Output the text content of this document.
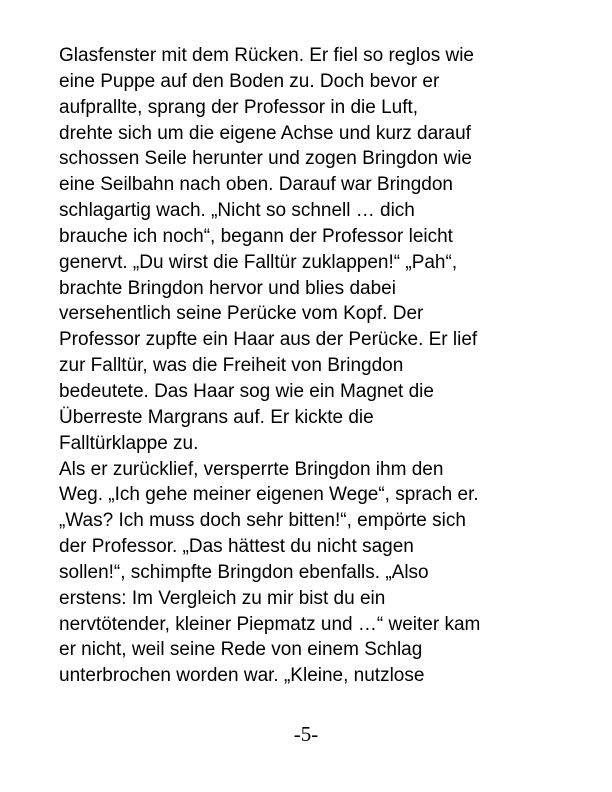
Glasfenster mit dem Rücken. Er fiel so reglos wie
eine Puppe auf den Boden zu. Doch bevor er
aufprallte, sprang der Professor in die Luft,
drehte sich um die eigene Achse und kurz darauf
schossen Seile herunter und zogen Bringdon wie
eine Seilbahn nach oben. Darauf war Bringdon
schlagartig wach. „Nicht so schnell … dich
brauche ich noch“, begann der Professor leicht
genervt. „Du wirst die Falltür zuklappen!“ „Pah“,
brachte Bringdon hervor und blies dabei
versehentlich seine Perücke vom Kopf. Der
Professor zupfte ein Haar aus der Perücke. Er lief
zur Falltür, was die Freiheit von Bringdon
bedeutete. Das Haar sog wie ein Magnet die
Überreste Margrans auf. Er kickte die
Falltürklappe zu.
Als er zurücklief, versperrte Bringdon ihm den
Weg. „Ich gehe meiner eigenen Wege“, sprach er.
„Was? Ich muss doch sehr bitten!“, empörte sich
der Professor. „Das hättest du nicht sagen
sollen!“, schimpfte Bringdon ebenfalls. „Also
erstens: Im Vergleich zu mir bist du ein
nervtötender, kleiner Piepmatz und …“ weiter kam
er nicht, weil seine Rede von einem Schlag
unterbrochen worden war. „Kleine, nutzlose
-5-
